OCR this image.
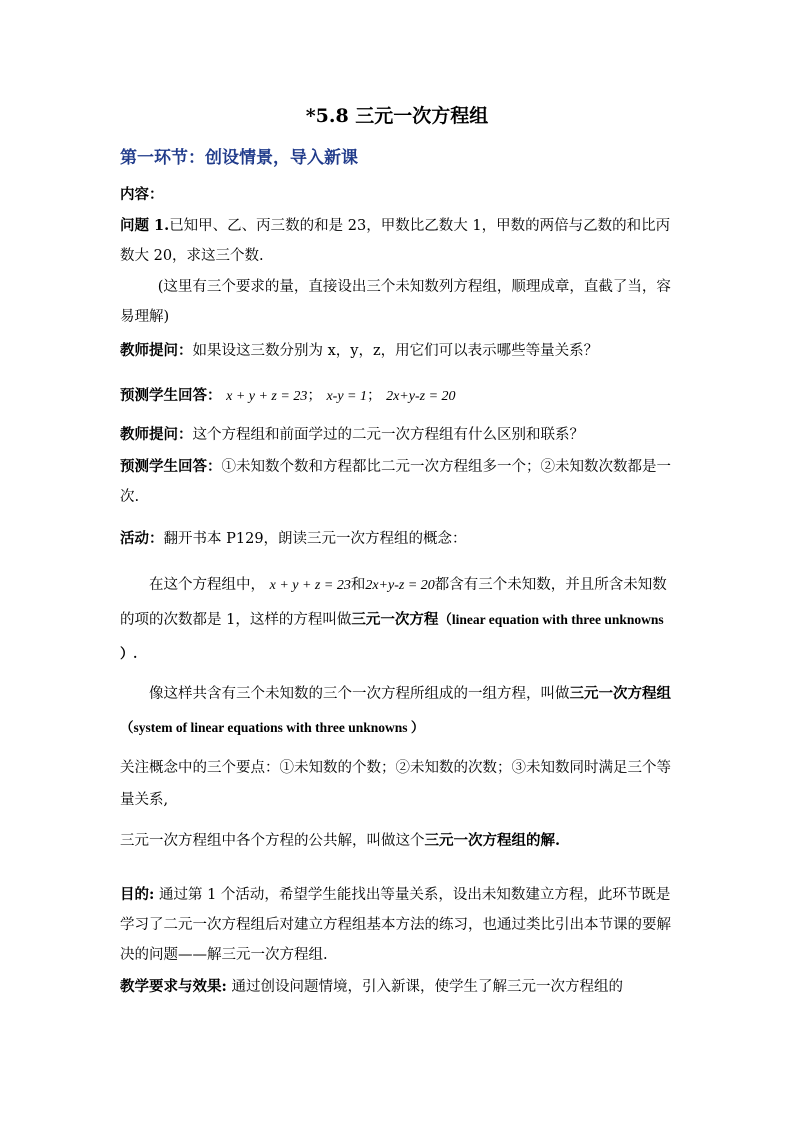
*5.8 三元一次方程组
第一环节：创设情景，导入新课
内容：
问题 1.已知甲、乙、丙三数的和是 23，甲数比乙数大 1，甲数的两倍与乙数的和比丙数大 20，求这三个数.
(这里有三个要求的量，直接设出三个未知数列方程组，顺理成章，直截了当，容易理解)
教师提问：如果设这三数分别为 x，y，z，用它们可以表示哪些等量关系？
预测学生回答： x + y + z = 23； x-y = 1； 2x+y-z = 20
教师提问：这个方程组和前面学过的二元一次方程组有什么区别和联系？
预测学生回答：①未知数个数和方程都比二元一次方程组多一个；②未知数次数都是一次.
活动：翻开书本 P129，朗读三元一次方程组的概念：
在这个方程组中， x + y + z = 23和2x+y-z = 20都含有三个未知数，并且所含未知数的项的次数都是 1，这样的方程叫做三元一次方程（linear equation with three unknowns ）.
像这样共含有三个未知数的三个一次方程所组成的一组方程，叫做三元一次方程组（system of linear equations with three unknowns ）
关注概念中的三个要点：①未知数的个数；②未知数的次数；③未知数同时满足三个等量关系,
三元一次方程组中各个方程的公共解，叫做这个三元一次方程组的解.
目的: 通过第 1 个活动，希望学生能找出等量关系，设出未知数建立方程，此环节既是学习了二元一次方程组后对建立方程组基本方法的练习，也通过类比引出本节课的要解决的问题——解三元一次方程组.
教学要求与效果: 通过创设问题情境，引入新课，使学生了解三元一次方程组的
